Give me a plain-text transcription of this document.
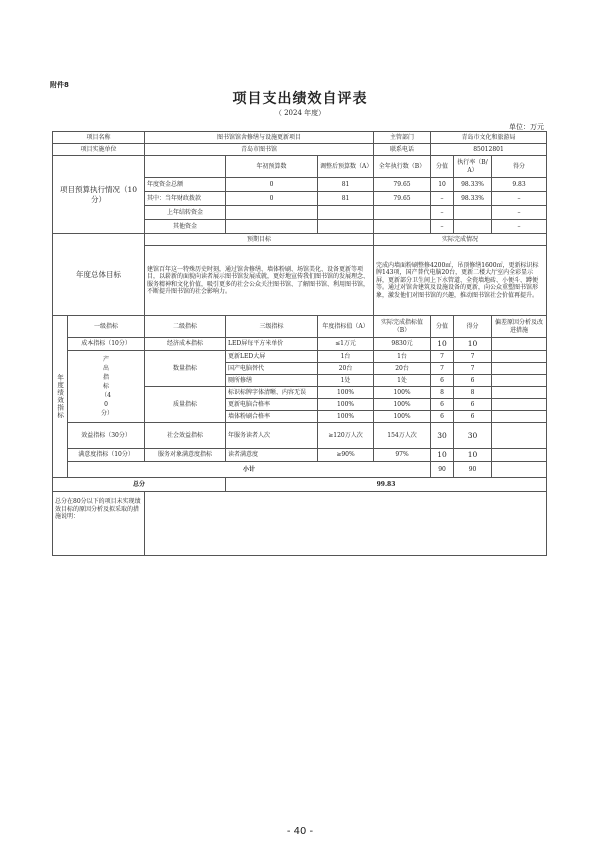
附件8
项目支出绩效自评表
（ 2024 年度）
单位：万元
项目名称		图书馆馆舍修缮与设施更新项目			主管部门	青岛市文化和旅游局		
项目实施单位		青岛市图书馆			联系电话	85012801		
项目预算执行情况（10分）			年初预算数	调整后预算数（A）	全年执行数（B）	分值	执行率（B/A）	得分
		年度资金总额	0	81	79.65	10	98.33%	9.83
		其中：当年财政拨款	0	81	79.65	–	98.33%	–
		上年结转资金				–		–
		其他资金				–		–
年度总体目标		预期目标			实际完成情况			
		建馆百年这一特殊历史时刻，通过馆舍修缮、墙体粉刷、场馆美化、设备更新等项目，以崭新的面貌向读者展示图书馆发展成就，更好地宣传我们图书馆的发展理念、服务精神和文化价值，吸引更多的社会公众关注图书馆、了解图书馆、利用图书馆，不断提升图书馆的社会影响力。			完成内墙面粉刷整修4200㎡，吊顶修缮1600㎡，更新标识标牌143项，国产普代电脑20台，更新二楼大厅室内全彩显示屏，更新部分卫生间上下水管道、全瓷墙地砖、小便斗、蹲便等。通过对馆舍建筑及设施设备的更新，向公众重塑图书馆形象，激发他们对图书馆的兴趣，推动图书馆社会价值再提升。			
年度绩效指标	一级指标	二级指标	三级指标	年度指标值（A）	实际完成指标值（B）	分值	得分	偏差原因分析及改进措施
	成本指标（10分）	经济成本指标	LED屏每平方米单价	≤1万元	9830元	10	10	
	产出指标（40分）	数量指标	更新LED大屏	1台	1台	7	7	
			国产电脑替代	20台	20台	7	7	
			厕所修缮	1处	1处	6	6	
		质量指标	标识标牌字体清晰、内容无误	100%	100%	8	8	
			更新电脑合格率	100%	100%	6	6	
			墙体粉刷合格率	100%	100%	6	6	
	效益指标（30分）	社会效益指标	年服务读者人次	≥120万人次	154万人次	30	30	
	满意度指标（10分）	服务对象满意度指标	读者满意度	≥90%	97%	10	10	
	小计					90	90	
总分			99.83					
总分在80分以下的项目未实现绩效目标的原因分析及拟采取的措施说明：								
- 40 -
